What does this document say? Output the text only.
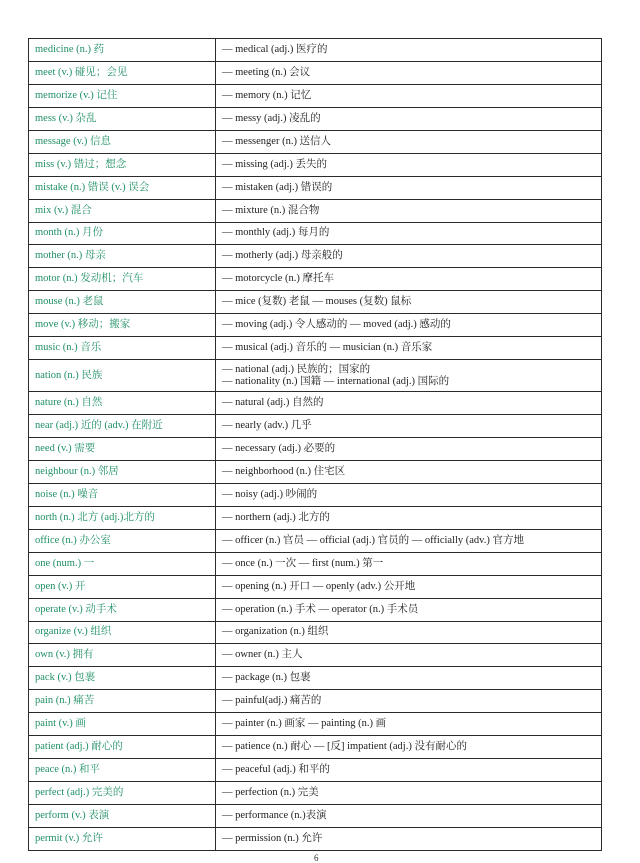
medicine (n.) 药	— medical (adj.) 医疗的

meet (v.) 碰见；会见	— meeting (n.) 会议

memorize (v.) 记住	— memory (n.) 记忆

mess (v.) 杂乱	— messy (adj.) 凌乱的

message (v.) 信息	— messenger (n.) 送信人

miss (v.) 错过；想念	— missing (adj.) 丢失的

mistake (n.) 错误 (v.) 误会	— mistaken (adj.) 错误的

mix (v.) 混合	— mixture (n.) 混合物

month (n.) 月份	— monthly (adj.) 每月的

mother (n.) 母亲	— motherly (adj.) 母亲般的

motor (n.) 发动机；汽车	— motorcycle (n.) 摩托车

mouse (n.) 老鼠	— mice (复数) 老鼠 — mouses (复数) 鼠标

move (v.) 移动；搬家	— moving (adj.) 令人感动的 — moved (adj.) 感动的

music (n.) 音乐	— musical (adj.) 音乐的 — musician (n.) 音乐家

nation (n.) 民族	— national (adj.) 民族的；国家的
— nationality (n.) 国籍 — international (adj.) 国际的

nature (n.) 自然	— natural (adj.) 自然的

near (adj.) 近的 (adv.) 在附近	— nearly (adv.) 几乎

need (v.) 需要	— necessary (adj.) 必要的

neighbour (n.) 邻居	— neighborhood (n.) 住宅区

noise (n.) 噪音	— noisy (adj.) 吵闹的

north (n.) 北方 (adj.)北方的	— northern (adj.) 北方的

office (n.) 办公室	— officer (n.) 官员 — official (adj.) 官员的 — officially (adv.) 官方地

one (num.) 一	— once (n.) 一次 — first (num.) 第一

open (v.) 开	— opening (n.) 开口 — openly (adv.) 公开地

operate (v.) 动手术	— operation (n.) 手术 — operator (n.) 手术员

organize (v.) 组织	— organization (n.) 组织

own (v.) 拥有	— owner (n.) 主人

pack (v.) 包裹	— package (n.) 包裹

pain (n.) 痛苦	— painful(adj.) 痛苦的

paint (v.) 画	— painter (n.) 画家 — painting (n.) 画

patient (adj.) 耐心的	— patience (n.) 耐心 — [反] impatient (adj.) 没有耐心的

peace (n.) 和平	— peaceful (adj.) 和平的

perfect (adj.) 完美的	— perfection (n.) 完美

perform (v.) 表演	— performance (n.)表演

permit (v.) 允许	— permission (n.) 允许
6
